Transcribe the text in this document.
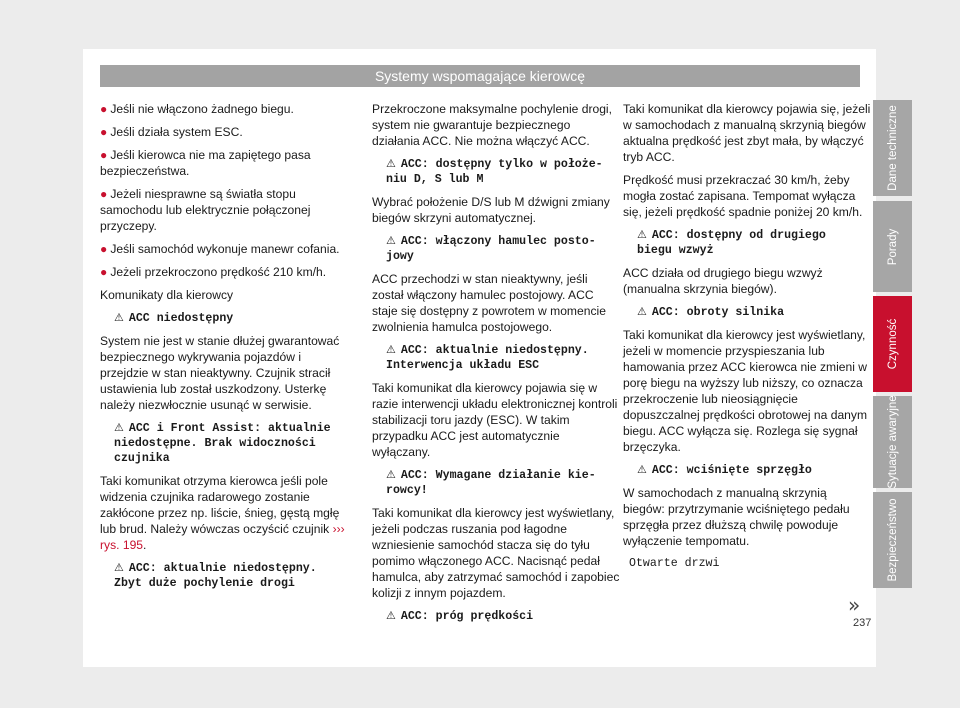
Systemy wspomagające kierowcę

● Jeśli nie włączono żadnego biegu.

● Jeśli działa system ESC.

● Jeśli kierowca nie ma zapiętego pasa bezpieczeństwa.

● Jeżeli niesprawne są światła stopu samochodu lub elektrycznie połączonej przyczepy.

● Jeśli samochód wykonuje manewr cofania.

● Jeżeli przekroczono prędkość 210 km/h.

Komunikaty dla kierowcy

⚠ ACC niedostępny

System nie jest w stanie dłużej gwarantować bezpiecznego wykrywania pojazdów i przejdzie w stan nieaktywny. Czujnik stracił ustawienia lub został uszkodzony. Usterkę należy niezwłocznie usunąć w serwisie.

⚠ ACC i Front Assist: aktualnie
niedostępne. Brak widoczności
czujnika

Taki komunikat otrzyma kierowca jeśli pole widzenia czujnika radarowego zostanie zakłócone przez np. liście, śnieg, gęstą mgłę lub brud. Należy wówczas oczyścić czujnik ››› rys. 195.

⚠ ACC: aktualnie niedostępny.
Zbyt duże pochylenie drogi

Przekroczone maksymalne pochylenie drogi, system nie gwarantuje bezpiecznego działania ACC. Nie można włączyć ACC.

⚠ ACC: dostępny tylko w położe-
niu D, S lub M

Wybrać położenie D/S lub M dźwigni zmiany biegów skrzyni automatycznej.

⚠ ACC: włączony hamulec posto-
jowy

ACC przechodzi w stan nieaktywny, jeśli został włączony hamulec postojowy. ACC staje się dostępny z powrotem w momencie zwolnienia hamulca postojowego.

⚠ ACC: aktualnie niedostępny.
Interwencja układu ESC

Taki komunikat dla kierowcy pojawia się w razie interwencji układu elektronicznej kontroli stabilizacji toru jazdy (ESC). W takim przypadku ACC jest automatycznie wyłączany.

⚠ ACC: Wymagane działanie kie-
rowcy!

Taki komunikat dla kierowcy jest wyświetlany, jeżeli podczas ruszania pod łagodne wzniesienie samochód stacza się do tyłu pomimo włączonego ACC. Nacisnąć pedał hamulca, aby zatrzymać samochód i zapobiec kolizji z innym pojazdem.

⚠ ACC: próg prędkości

Taki komunikat dla kierowcy pojawia się, jeżeli w samochodach z manualną skrzynią biegów aktualna prędkość jest zbyt mała, by włączyć tryb ACC.

Prędkość musi przekraczać 30 km/h, żeby mogła zostać zapisana. Tempomat wyłącza się, jeżeli prędkość spadnie poniżej 20 km/h.

⚠ ACC: dostępny od drugiego
biegu wzwyż

ACC działa od drugiego biegu wzwyż (manualna skrzynia biegów).

⚠ ACC: obroty silnika

Taki komunikat dla kierowcy jest wyświetlany, jeżeli w momencie przyspieszania lub hamowania przez ACC kierowca nie zmieni w porę biegu na wyższy lub niższy, co oznacza przekroczenie lub nieosiągnięcie dopuszczalnej prędkości obrotowej na danym biegu. ACC wyłącza się. Rozlega się sygnał brzęczyka.

⚠ ACC: wciśnięte sprzęgło

W samochodach z manualną skrzynią biegów: przytrzymanie wciśniętego pedału sprzęgła przez dłuższą chwilę powoduje wyłączenie tempomatu.

Otwarte drzwi
»
237
Dane techniczne
Porady
Czynność
Sytuacje awaryjne
Bezpieczeństwo
